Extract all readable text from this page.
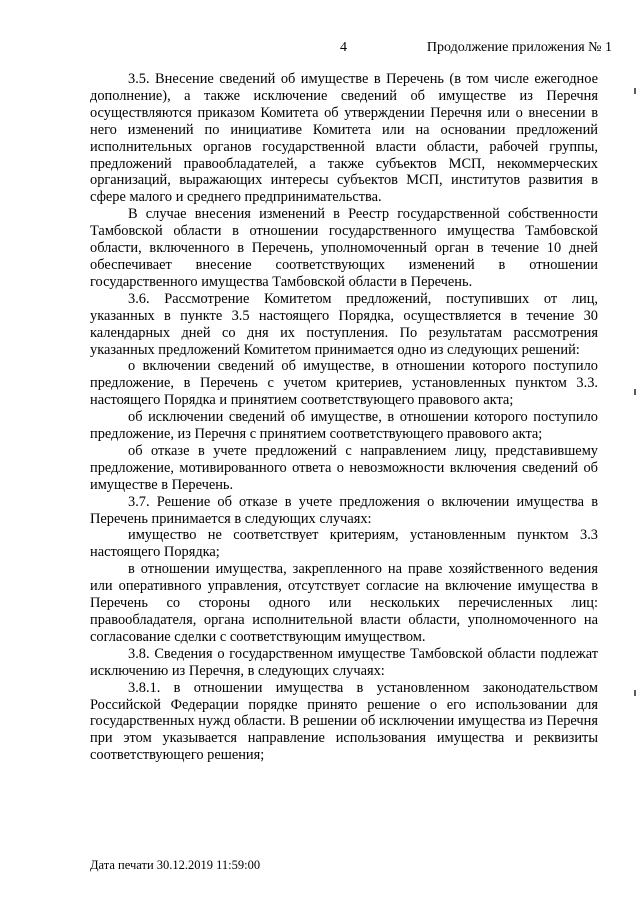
4	Продолжение приложения № 1

3.5. Внесение сведений об имуществе в Перечень (в том числе ежегодное дополнение), а также исключение сведений об имуществе из Перечня осуществляются приказом Комитета об утверждении Перечня или о внесении в него изменений по инициативе Комитета или на основании предложений исполнительных органов государственной власти области, рабочей группы, предложений правообладателей, а также субъектов МСП, некоммерческих организаций, выражающих интересы субъектов МСП, институтов развития в сфере малого и среднего предпринимательства.

В случае внесения изменений в Реестр государственной собственности Тамбовской области в отношении государственного имущества Тамбовской области, включенного в Перечень, уполномоченный орган в течение 10 дней обеспечивает внесение соответствующих изменений в отношении государственного имущества Тамбовской области в Перечень.

3.6. Рассмотрение Комитетом предложений, поступивших от лиц, указанных в пункте 3.5 настоящего Порядка, осуществляется в течение 30 календарных дней со дня их поступления. По результатам рассмотрения указанных предложений Комитетом принимается одно из следующих решений:

о включении сведений об имуществе, в отношении которого поступило предложение, в Перечень с учетом критериев, установленных пунктом 3.3. настоящего Порядка и принятием соответствующего правового акта;

об исключении сведений об имуществе, в отношении которого поступило предложение, из Перечня с принятием соответствующего правового акта;

об отказе в учете предложений с направлением лицу, представившему предложение, мотивированного ответа о невозможности включения сведений об имуществе в Перечень.

3.7. Решение об отказе в учете предложения о включении имущества в Перечень принимается в следующих случаях:

имущество не соответствует критериям, установленным пунктом 3.3 настоящего Порядка;

в отношении имущества, закрепленного на праве хозяйственного ведения или оперативного управления, отсутствует согласие на включение имущества в Перечень со стороны одного или нескольких перечисленных лиц: правообладателя, органа исполнительной власти области, уполномоченного на согласование сделки с соответствующим имуществом.

3.8. Сведения о государственном имуществе Тамбовской области подлежат исключению из Перечня, в следующих случаях:

3.8.1. в отношении имущества в установленном законодательством Российской Федерации порядке принято решение о его использовании для государственных нужд области. В решении об исключении имущества из Перечня при этом указывается направление использования имущества и реквизиты соответствующего решения;

Дата печати 30.12.2019 11:59:00
